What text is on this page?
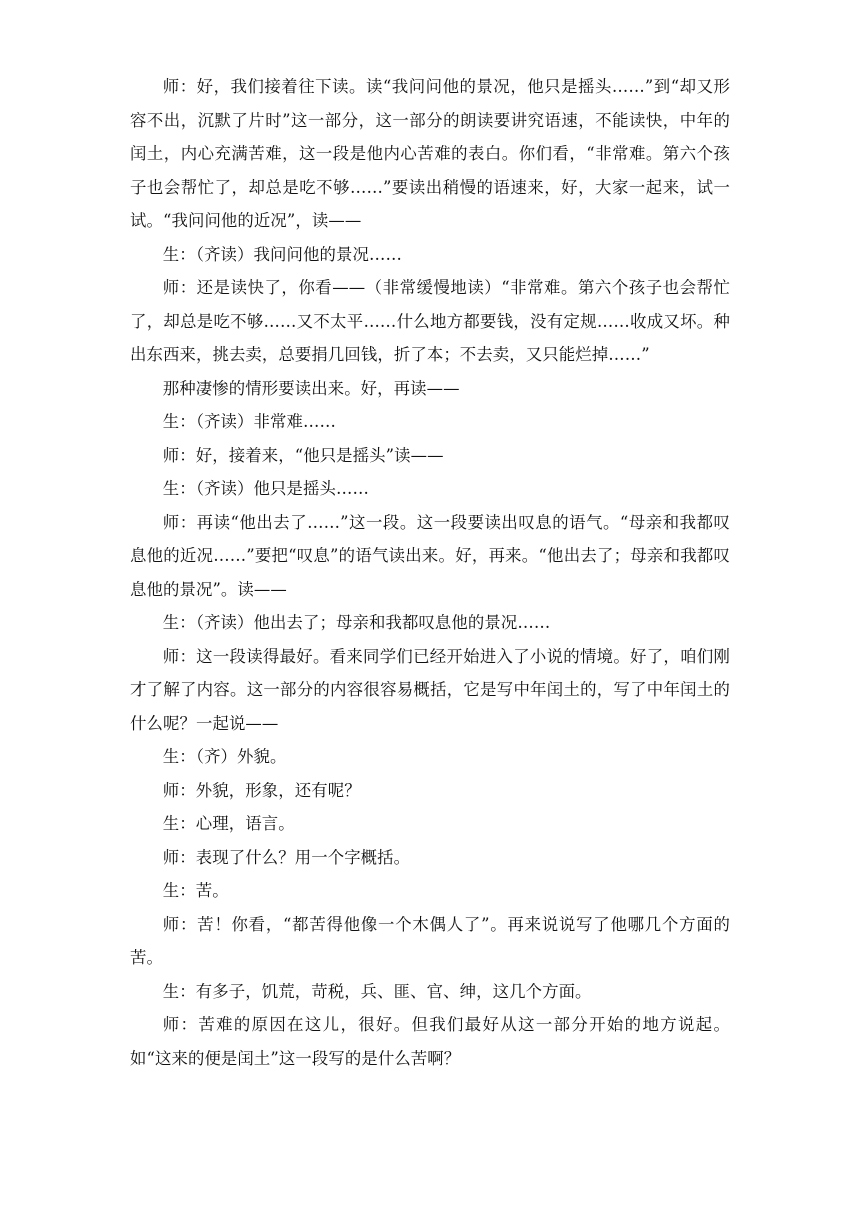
师：好，我们接着往下读。读“我问问他的景况，他只是摇头……”到“却又形容不出，沉默了片时”这一部分，这一部分的朗读要讲究语速，不能读快，中年的闰土，内心充满苦难，这一段是他内心苦难的表白。你们看，“非常难。第六个孩子也会帮忙了，却总是吃不够……”要读出稍慢的语速来，好，大家一起来，试一试。“我问问他的近况”，读——

生：（齐读）我问问他的景况……

师：还是读快了，你看——（非常缓慢地读）“非常难。第六个孩子也会帮忙了，却总是吃不够……又不太平……什么地方都要钱，没有定规……收成又坏。种出东西来，挑去卖，总要捐几回钱，折了本；不去卖，又只能烂掉……”

那种凄惨的情形要读出来。好，再读——

生：（齐读）非常难……

师：好，接着来，“他只是摇头”读——

生：（齐读）他只是摇头……

师：再读“他出去了……”这一段。这一段要读出叹息的语气。“母亲和我都叹息他的近况……”要把“叹息”的语气读出来。好，再来。“他出去了；母亲和我都叹息他的景况”。读——

生：（齐读）他出去了；母亲和我都叹息他的景况……

师：这一段读得最好。看来同学们已经开始进入了小说的情境。好了，咱们刚才了解了内容。这一部分的内容很容易概括，它是写中年闰土的，写了中年闰土的什么呢？一起说——

生：（齐）外貌。

师：外貌，形象，还有呢？

生：心理，语言。

师：表现了什么？用一个字概括。

生：苦。

师：苦！你看，“都苦得他像一个木偶人了”。再来说说写了他哪几个方面的苦。

生：有多子，饥荒，苛税，兵、匪、官、绅，这几个方面。

师：苦难的原因在这儿，很好。但我们最好从这一部分开始的地方说起。如“这来的便是闰土”这一段写的是什么苦啊？
